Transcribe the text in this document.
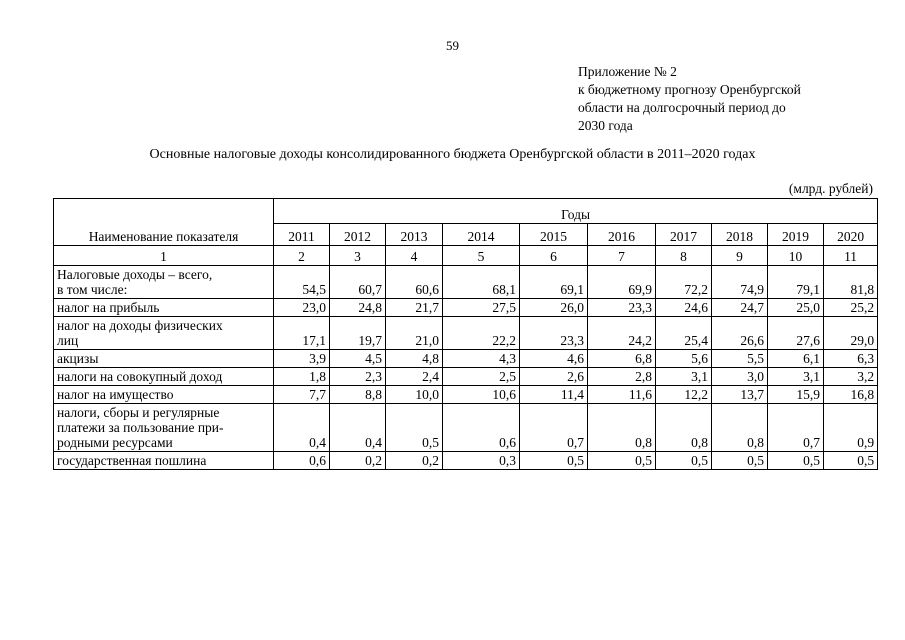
59
Приложение № 2
к бюджетному прогнозу Оренбургской
области на долгосрочный период до
2030 года
Основные налоговые доходы консолидированного бюджета Оренбургской области в 2011–2020 годах
(млрд. рублей)
Наименование показателя	Годы									
	2011	2012	2013	2014	2015	2016	2017	2018	2019	2020
1	2	3	4	5	6	7	8	9	10	11

Налоговые доходы – всего,
в том числе:	54,5	60,7	60,6	68,1	69,1	69,9	72,2	74,9	79,1	81,8

налог на прибыль	23,0	24,8	21,7	27,5	26,0	23,3	24,6	24,7	25,0	25,2

налог на доходы физических
лиц	17,1	19,7	21,0	22,2	23,3	24,2	25,4	26,6	27,6	29,0

акцизы	3,9	4,5	4,8	4,3	4,6	6,8	5,6	5,5	6,1	6,3

налоги на совокупный доход	1,8	2,3	2,4	2,5	2,6	2,8	3,1	3,0	3,1	3,2

налог на имущество	7,7	8,8	10,0	10,6	11,4	11,6	12,2	13,7	15,9	16,8

налоги, сборы и регулярные
платежи за пользование при-
родными ресурсами	0,4	0,4	0,5	0,6	0,7	0,8	0,8	0,8	0,7	0,9

государственная пошлина	0,6	0,2	0,2	0,3	0,5	0,5	0,5	0,5	0,5	0,5
